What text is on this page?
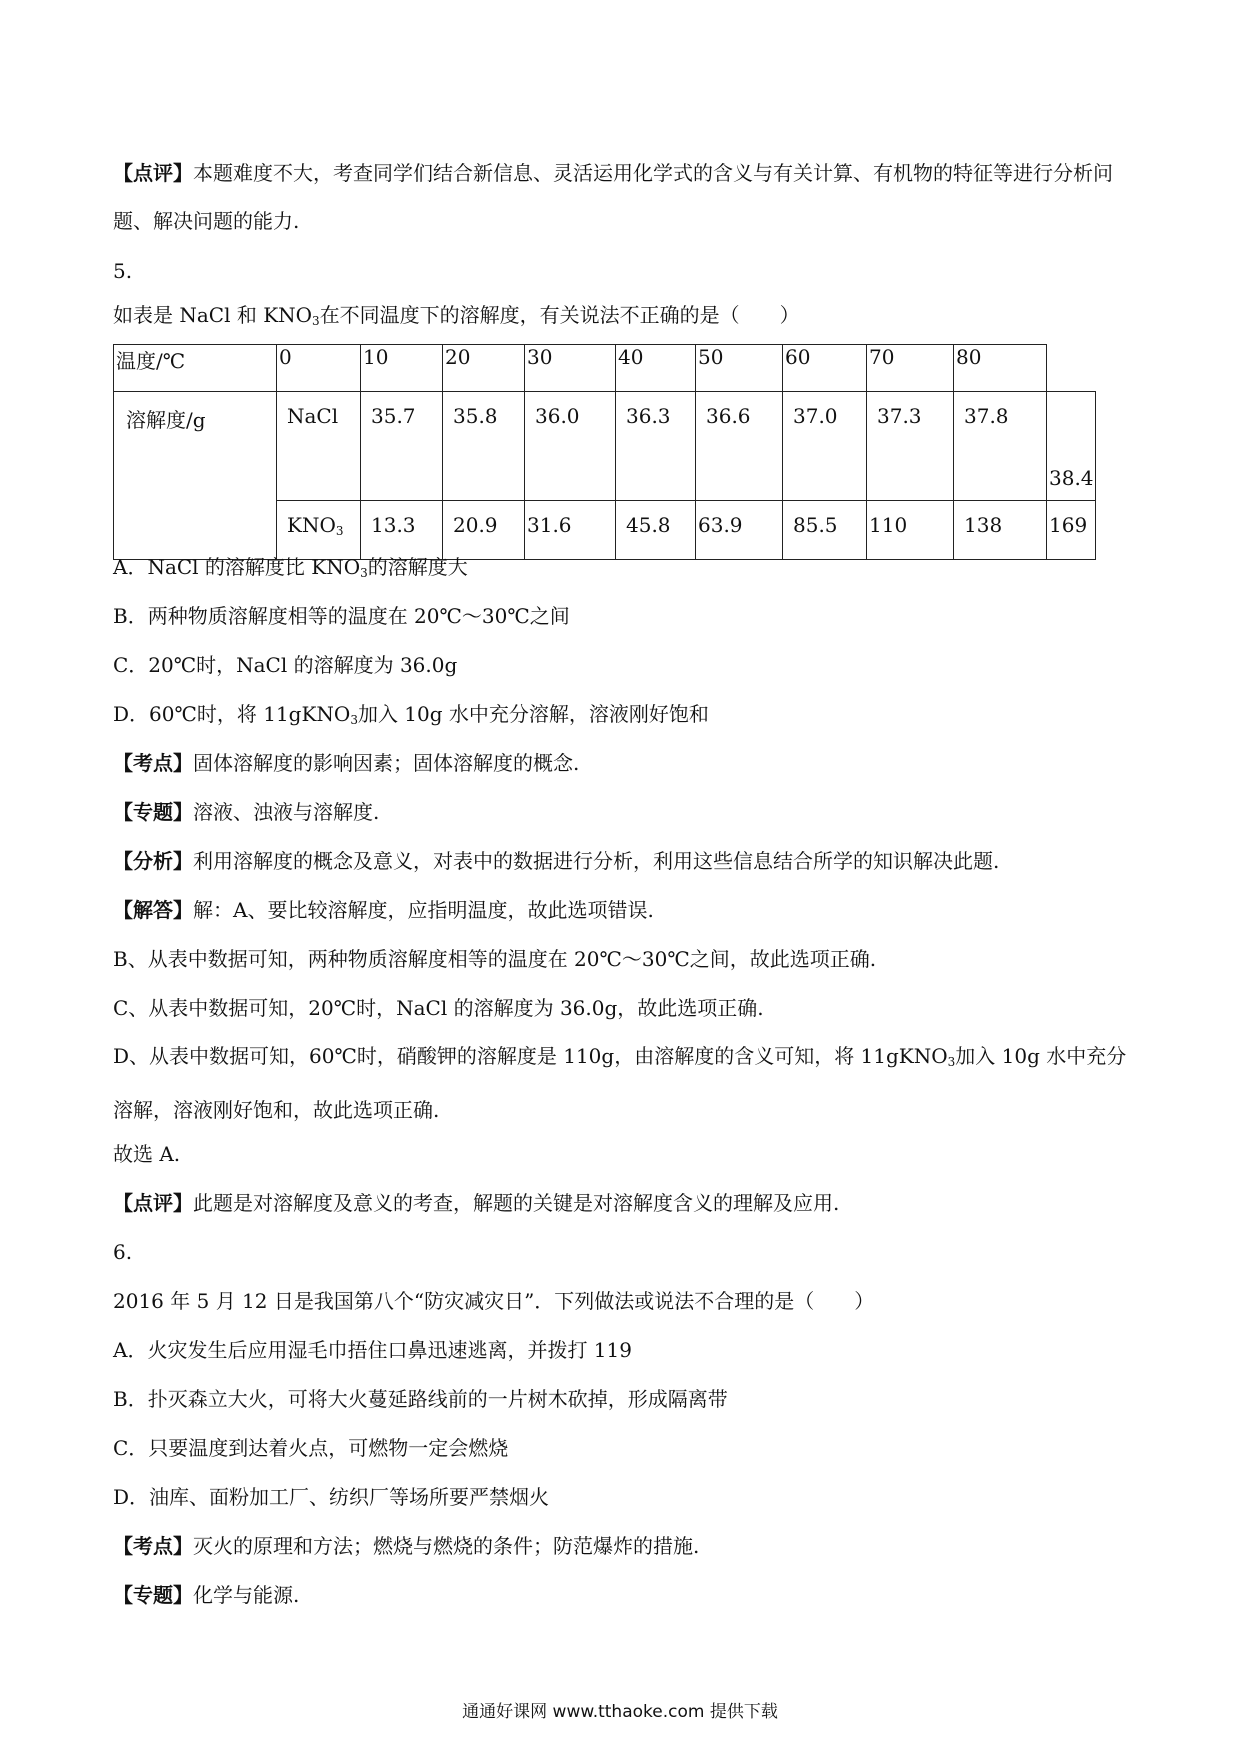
【点评】本题难度不大，考查同学们结合新信息、灵活运用化学式的含义与有关计算、有机物的特征等进行分析问题、解决问题的能力.
5.
如表是 NaCl 和 $KNO_3$在不同温度下的溶解度，有关说法不正确的是（　　）
温度/℃	0	10	20	30	40	50	60	70	80	
溶解度/g	NaCl	35.7	35.8	36.0	36.3	36.6	37.0	37.3	37.8	38.4
	$KNO_3$	13.3	20.9	31.6	45.8	63.9	85.5	110	138	169
A．NaCl 的溶解度比 $KNO_3$的溶解度大
B．两种物质溶解度相等的温度在 20℃～30℃之间
C．20℃时，NaCl 的溶解度为 36.0g
D．60℃时，将 11gKNO$_3$加入 10g 水中充分溶解，溶液刚好饱和
【考点】固体溶解度的影响因素；固体溶解度的概念.
【专题】溶液、浊液与溶解度.
【分析】利用溶解度的概念及意义，对表中的数据进行分析，利用这些信息结合所学的知识解决此题.
【解答】解：A、要比较溶解度，应指明温度，故此选项错误.
B、从表中数据可知，两种物质溶解度相等的温度在 20℃～30℃之间，故此选项正确.
C、从表中数据可知，20℃时，NaCl 的溶解度为 36.0g，故此选项正确.
D、从表中数据可知，60℃时，硝酸钾的溶解度是 110g，由溶解度的含义可知，将 11gKNO$_3$加入 10g 水中充分溶解，溶液刚好饱和，故此选项正确.
故选 A.
【点评】此题是对溶解度及意义的考查，解题的关键是对溶解度含义的理解及应用.
6.
2016 年 5 月 12 日是我国第八个“防灾减灾日”．下列做法或说法不合理的是（　　）
A．火灾发生后应用湿毛巾捂住口鼻迅速逃离，并拨打 119
B．扑灭森立大火，可将大火蔓延路线前的一片树木砍掉，形成隔离带
C．只要温度到达着火点，可燃物一定会燃烧
D．油库、面粉加工厂、纺织厂等场所要严禁烟火
【考点】灭火的原理和方法；燃烧与燃烧的条件；防范爆炸的措施.
【专题】化学与能源.
通通好课网 www.tthaoke.com 提供下载
